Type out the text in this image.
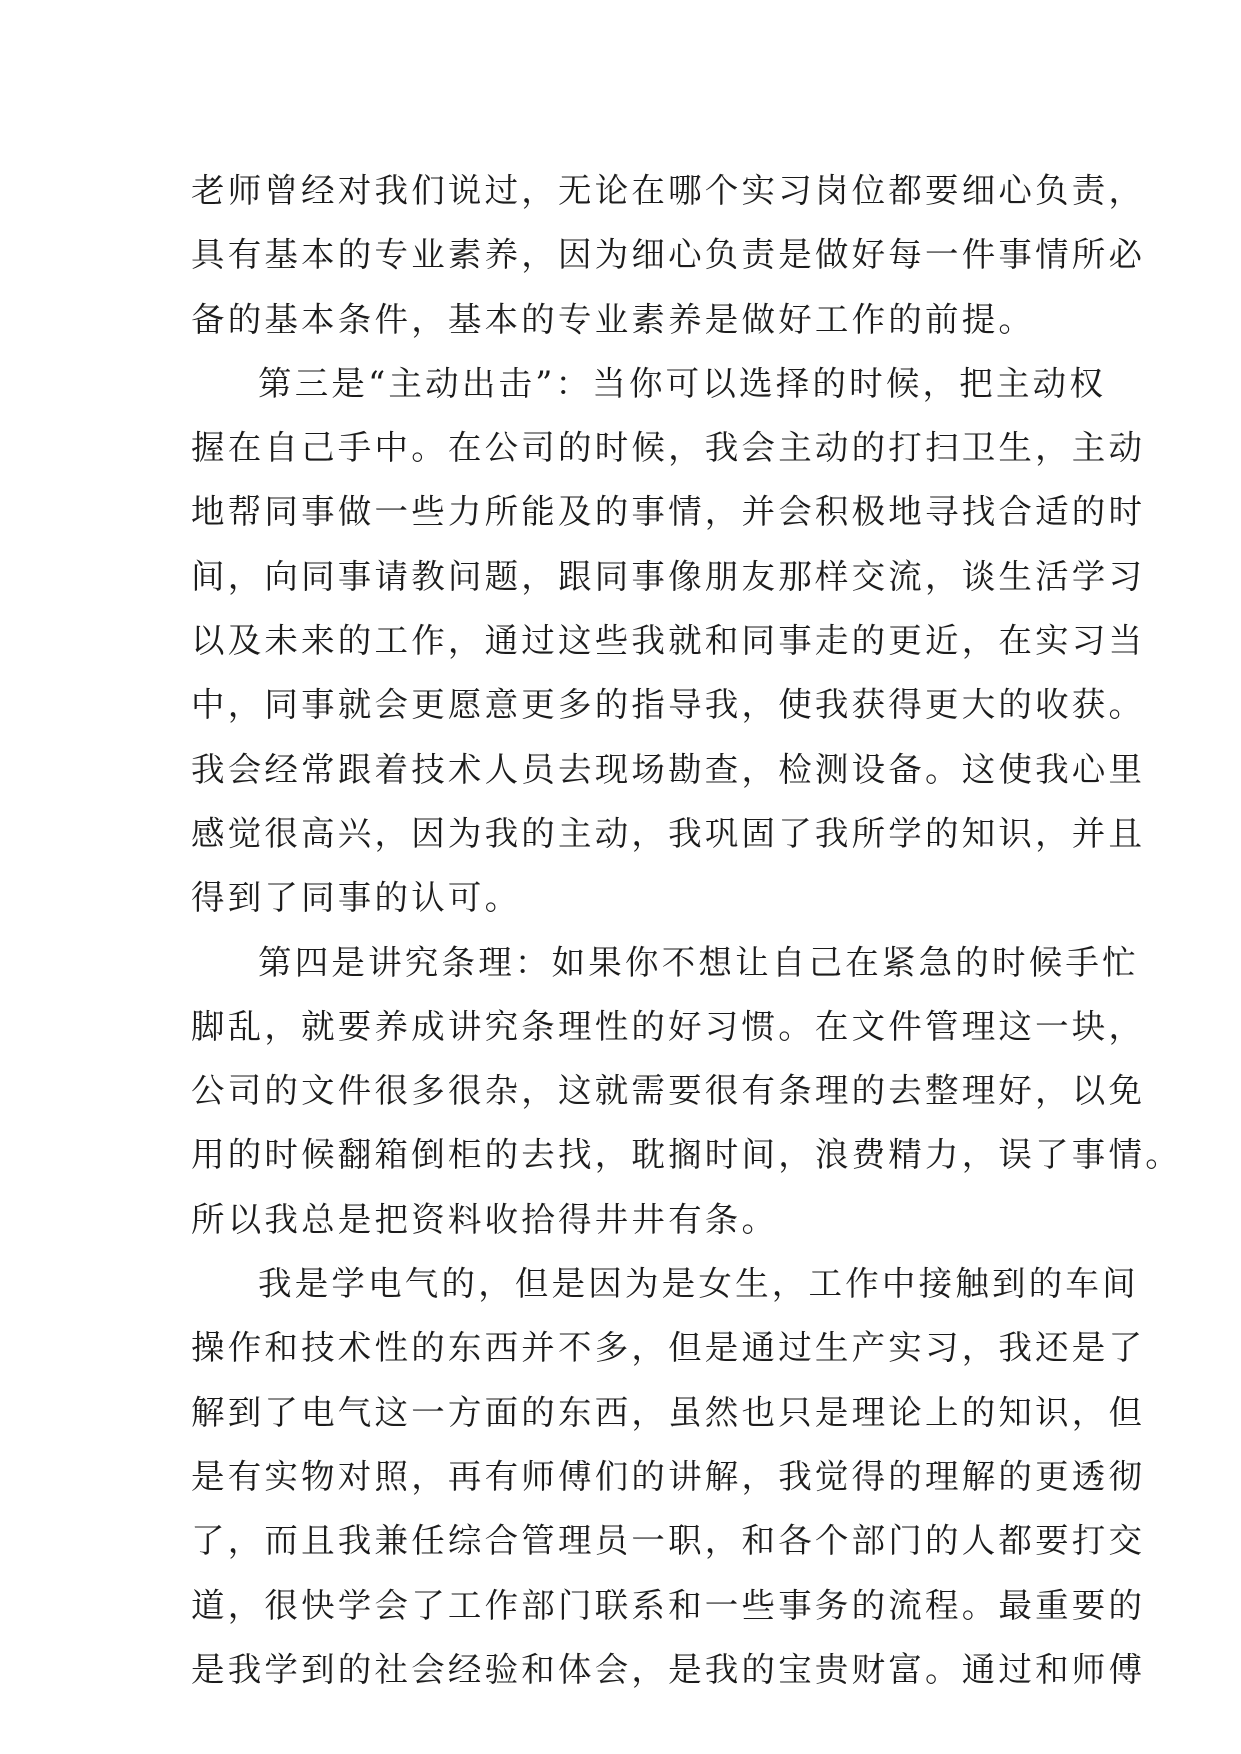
老师曾经对我们说过，无论在哪个实习岗位都要细心负责，
具有基本的专业素养，因为细心负责是做好每一件事情所必
备的基本条件，基本的专业素养是做好工作的前提。
第三是“主动出击”：当你可以选择的时候，把主动权
握在自己手中。在公司的时候，我会主动的打扫卫生，主动
地帮同事做一些力所能及的事情，并会积极地寻找合适的时
间，向同事请教问题，跟同事像朋友那样交流，谈生活学习
以及未来的工作，通过这些我就和同事走的更近，在实习当
中，同事就会更愿意更多的指导我，使我获得更大的收获。
我会经常跟着技术人员去现场勘查，检测设备。这使我心里
感觉很高兴，因为我的主动，我巩固了我所学的知识，并且
得到了同事的认可。
第四是讲究条理：如果你不想让自己在紧急的时候手忙
脚乱，就要养成讲究条理性的好习惯。在文件管理这一块，
公司的文件很多很杂，这就需要很有条理的去整理好，以免
用的时候翻箱倒柜的去找，耽搁时间，浪费精力，误了事情。
所以我总是把资料收拾得井井有条。
我是学电气的，但是因为是女生，工作中接触到的车间
操作和技术性的东西并不多，但是通过生产实习，我还是了
解到了电气这一方面的东西，虽然也只是理论上的知识，但
是有实物对照，再有师傅们的讲解，我觉得的理解的更透彻
了，而且我兼任综合管理员一职，和各个部门的人都要打交
道，很快学会了工作部门联系和一些事务的流程。最重要的
是我学到的社会经验和体会，是我的宝贵财富。通过和师傅
